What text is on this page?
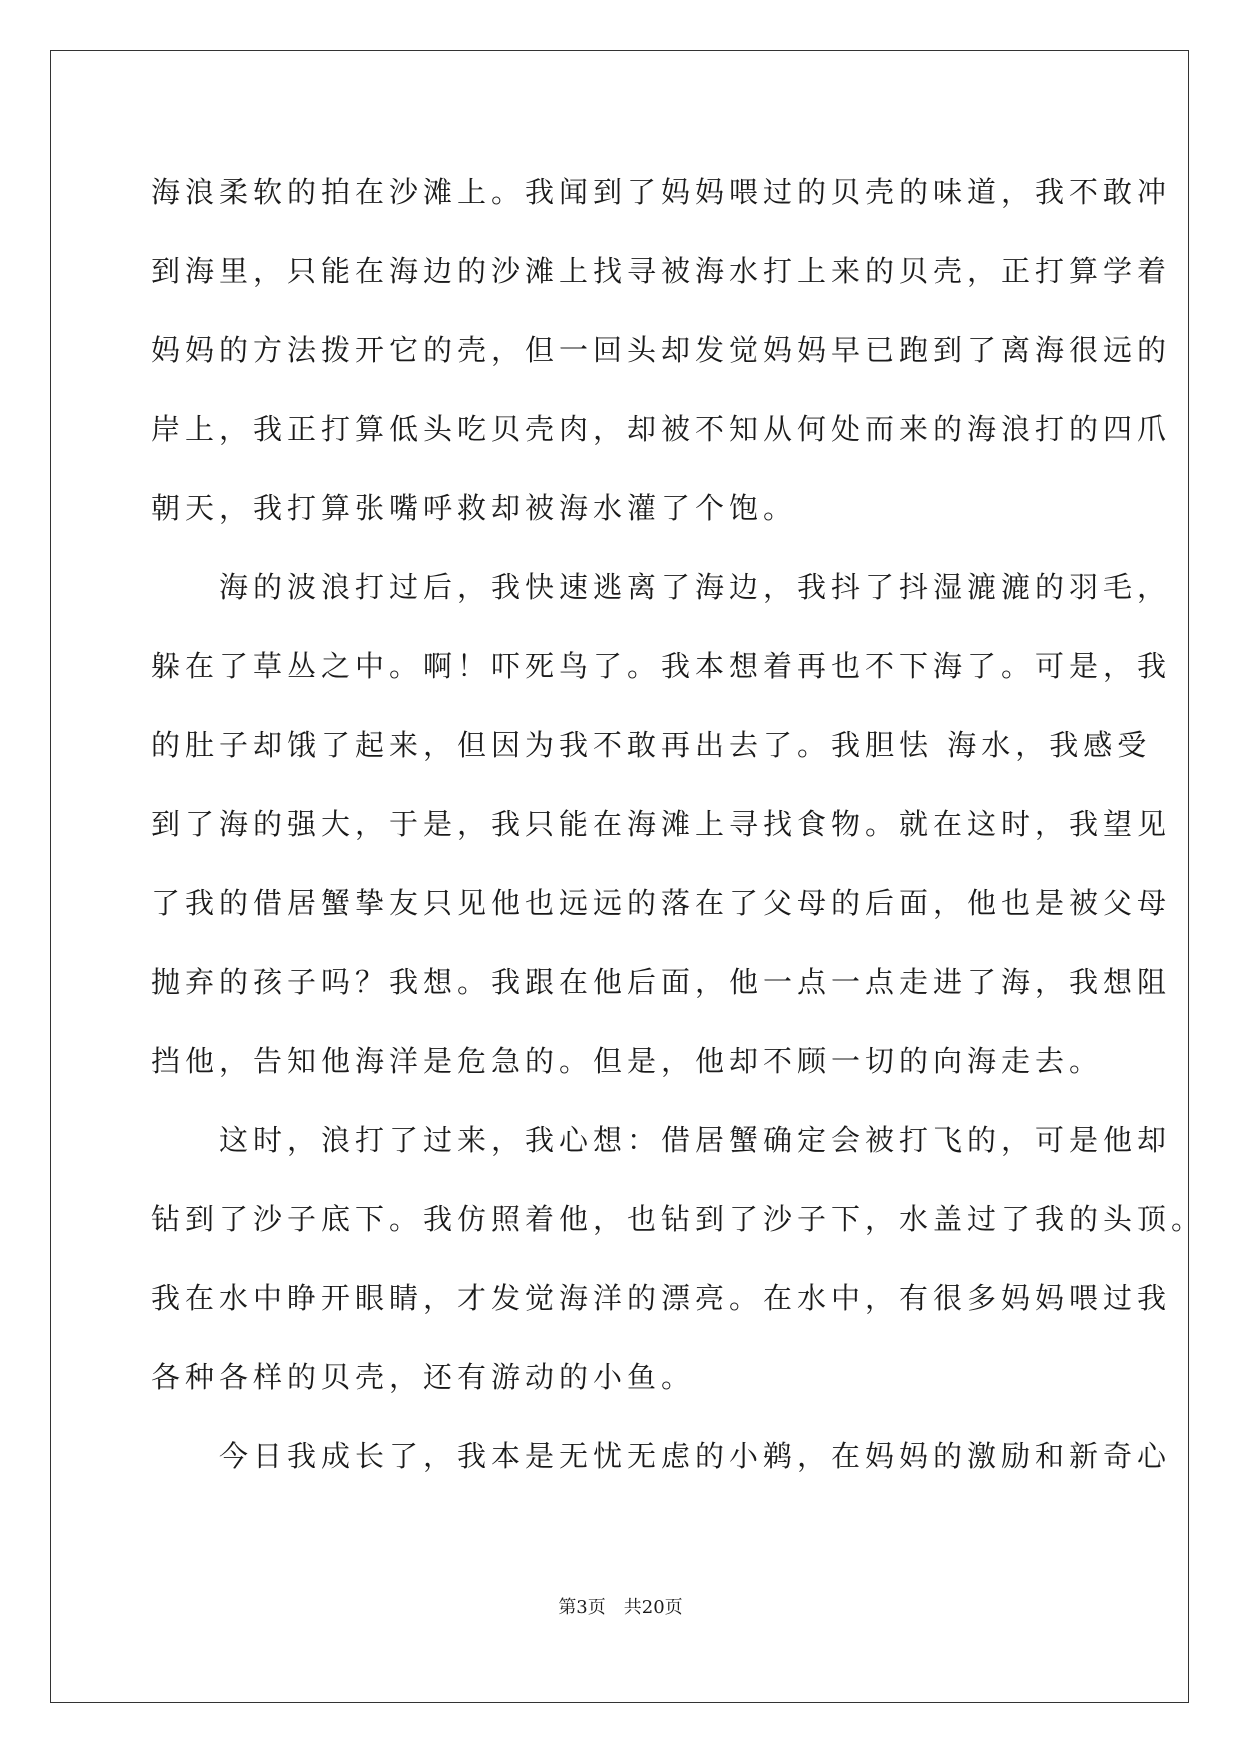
海浪柔软的拍在沙滩上。我闻到了妈妈喂过的贝壳的味道，我不敢冲
到海里，只能在海边的沙滩上找寻被海水打上来的贝壳，正打算学着
妈妈的方法拨开它的壳，但一回头却发觉妈妈早已跑到了离海很远的
岸上，我正打算低头吃贝壳肉，却被不知从何处而来的海浪打的四爪
朝天，我打算张嘴呼救却被海水灌了个饱。
　　海的波浪打过后，我快速逃离了海边，我抖了抖湿漉漉的羽毛，
躲在了草丛之中。啊！吓死鸟了。我本想着再也不下海了。可是，我
的肚子却饿了起来，但因为我不敢再出去了。我胆怯 海水，我感受
到了海的强大，于是，我只能在海滩上寻找食物。就在这时，我望见
了我的借居蟹挚友只见他也远远的落在了父母的后面，他也是被父母
抛弃的孩子吗？我想。我跟在他后面，他一点一点走进了海，我想阻
挡他，告知他海洋是危急的。但是，他却不顾一切的向海走去。
　　这时，浪打了过来，我心想：借居蟹确定会被打飞的，可是他却
钻到了沙子底下。我仿照着他，也钻到了沙子下，水盖过了我的头顶。
我在水中睁开眼睛，才发觉海洋的漂亮。在水中，有很多妈妈喂过我
各种各样的贝壳，还有游动的小鱼。
　　今日我成长了，我本是无忧无虑的小鹈，在妈妈的激励和新奇心
第3页 共20页
